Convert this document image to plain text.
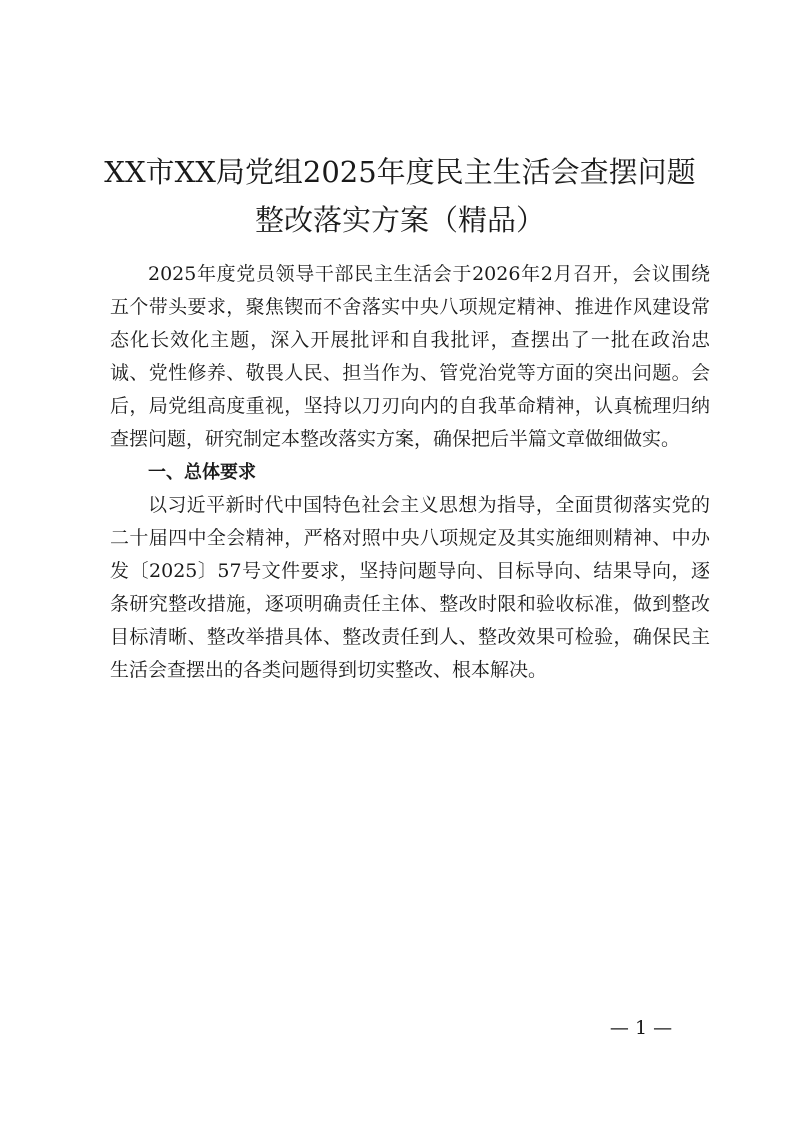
XX市XX局党组2025年度民主生活会查摆问题整改落实方案（精品）

2025年度党员领导干部民主生活会于2026年2月召开，会议围绕五个带头要求，聚焦锲而不舍落实中央八项规定精神、推进作风建设常态化长效化主题，深入开展批评和自我批评，查摆出了一批在政治忠诚、党性修养、敬畏人民、担当作为、管党治党等方面的突出问题。会后，局党组高度重视，坚持以刀刃向内的自我革命精神，认真梳理归纳查摆问题，研究制定本整改落实方案，确保把后半篇文章做细做实。

一、总体要求

以习近平新时代中国特色社会主义思想为指导，全面贯彻落实党的二十届四中全会精神，严格对照中央八项规定及其实施细则精神、中办发〔2025〕57号文件要求，坚持问题导向、目标导向、结果导向，逐条研究整改措施，逐项明确责任主体、整改时限和验收标准，做到整改目标清晰、整改举措具体、整改责任到人、整改效果可检验，确保民主生活会查摆出的各类问题得到切实整改、根本解决。

— 1 —
